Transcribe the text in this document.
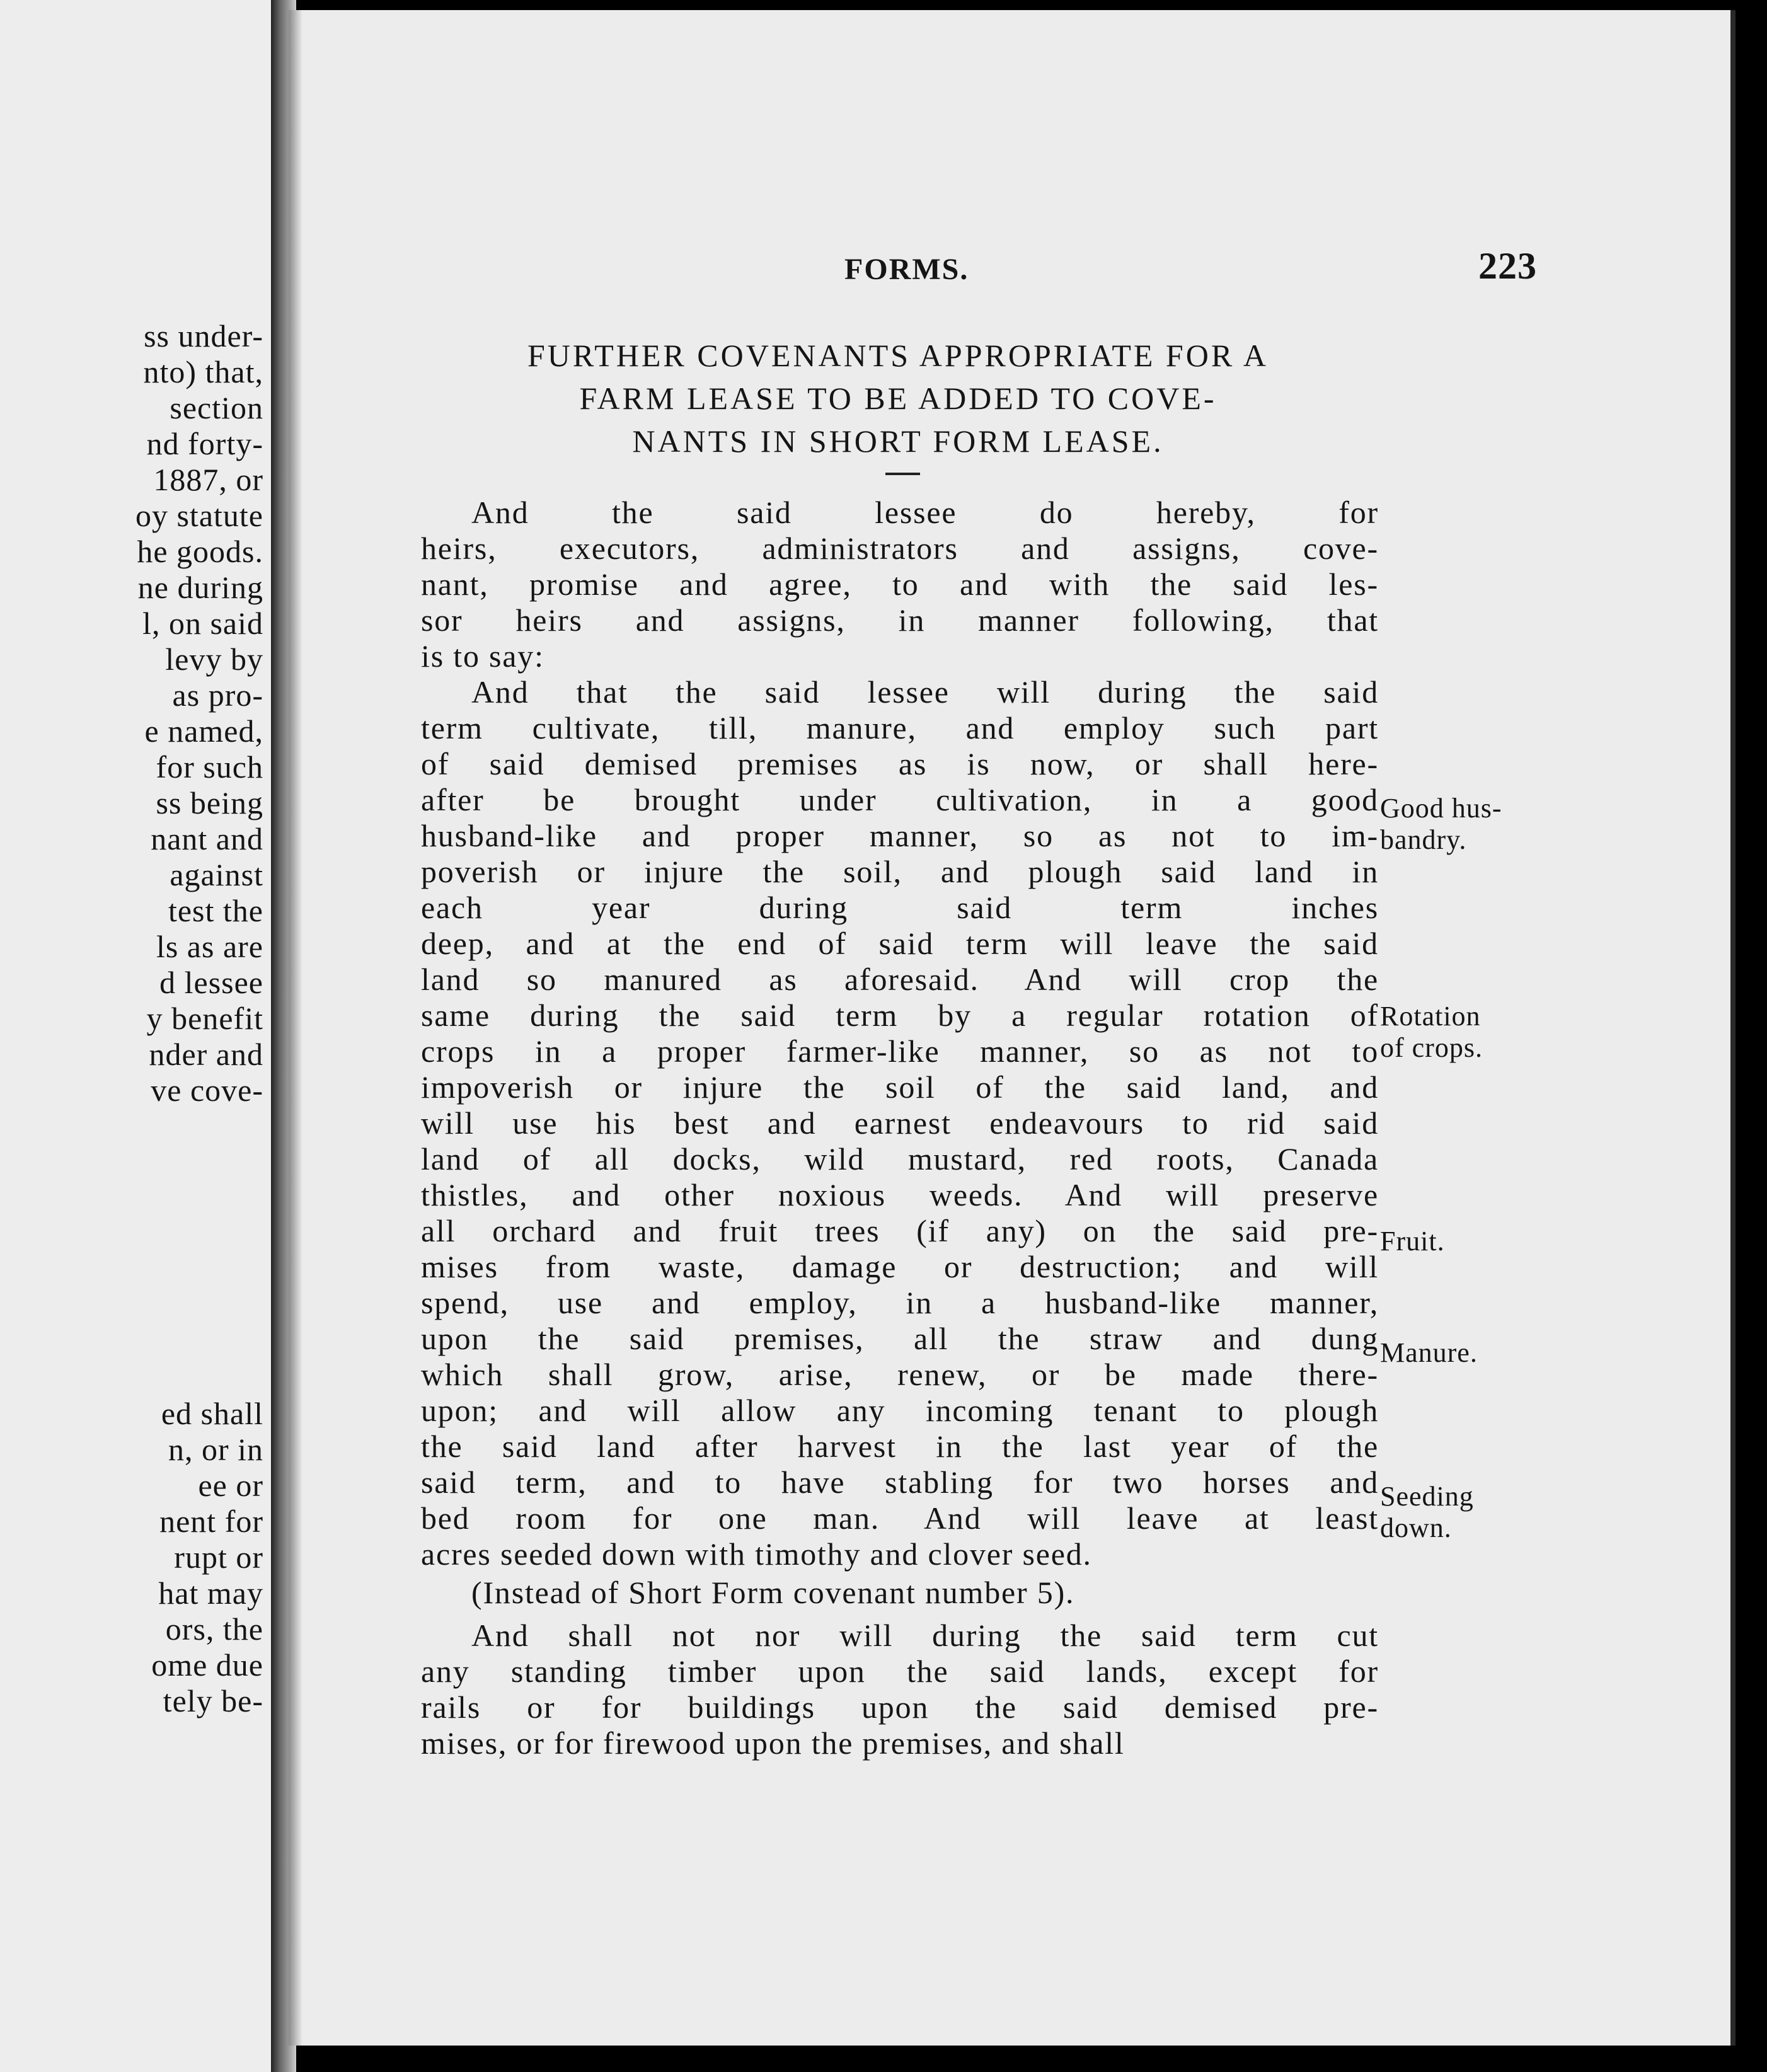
ss under-
nto) that,
section
nd forty-
1887, or
oy statute
he goods.
ne during
l, on said
levy by
as pro-
e named,
for such
ss being
nant and
against
test the
ls as are
d lessee
y benefit
nder and
ve cove-
ed shall
n, or in
ee or
nent for
rupt or
hat may
ors, the
ome due
tely be-
FORMS.	223
FURTHER COVENANTS APPROPRIATE FOR A
FARM LEASE TO BE ADDED TO COVE-
NANTS IN SHORT FORM LEASE.
And the said lessee do hereby, for
heirs, executors, administrators and assigns, cove-
nant, promise and agree, to and with the said les-
sor heirs and assigns, in manner following, that
is to say:
And that the said lessee will during the said
term cultivate, till, manure, and employ such part
of said demised premises as is now, or shall here-
after be brought under cultivation, in a good
husband-like and proper manner, so as not to im-
poverish or injure the soil, and plough said land in
each year during said term inches
deep, and at the end of said term will leave the said
land so manured as aforesaid. And will crop the
same during the said term by a regular rotation of
crops in a proper farmer-like manner, so as not to
impoverish or injure the soil of the said land, and
will use his best and earnest endeavours to rid said
land of all docks, wild mustard, red roots, Canada
thistles, and other noxious weeds. And will preserve
all orchard and fruit trees (if any) on the said pre-
mises from waste, damage or destruction; and will
spend, use and employ, in a husband-like manner,
upon the said premises, all the straw and dung
which shall grow, arise, renew, or be made there-
upon; and will allow any incoming tenant to plough
the said land after harvest in the last year of the
said term, and to have stabling for two horses and
bed room for one man. And will leave at least
acres seeded down with timothy and clover seed.
(Instead of Short Form covenant number 5).
And shall not nor will during the said term cut
any standing timber upon the said lands, except for
rails or for buildings upon the said demised pre-
mises, or for firewood upon the premises, and shall
Good hus-
bandry.
Rotation
of crops.
Fruit.
Manure.
Seeding
down.
